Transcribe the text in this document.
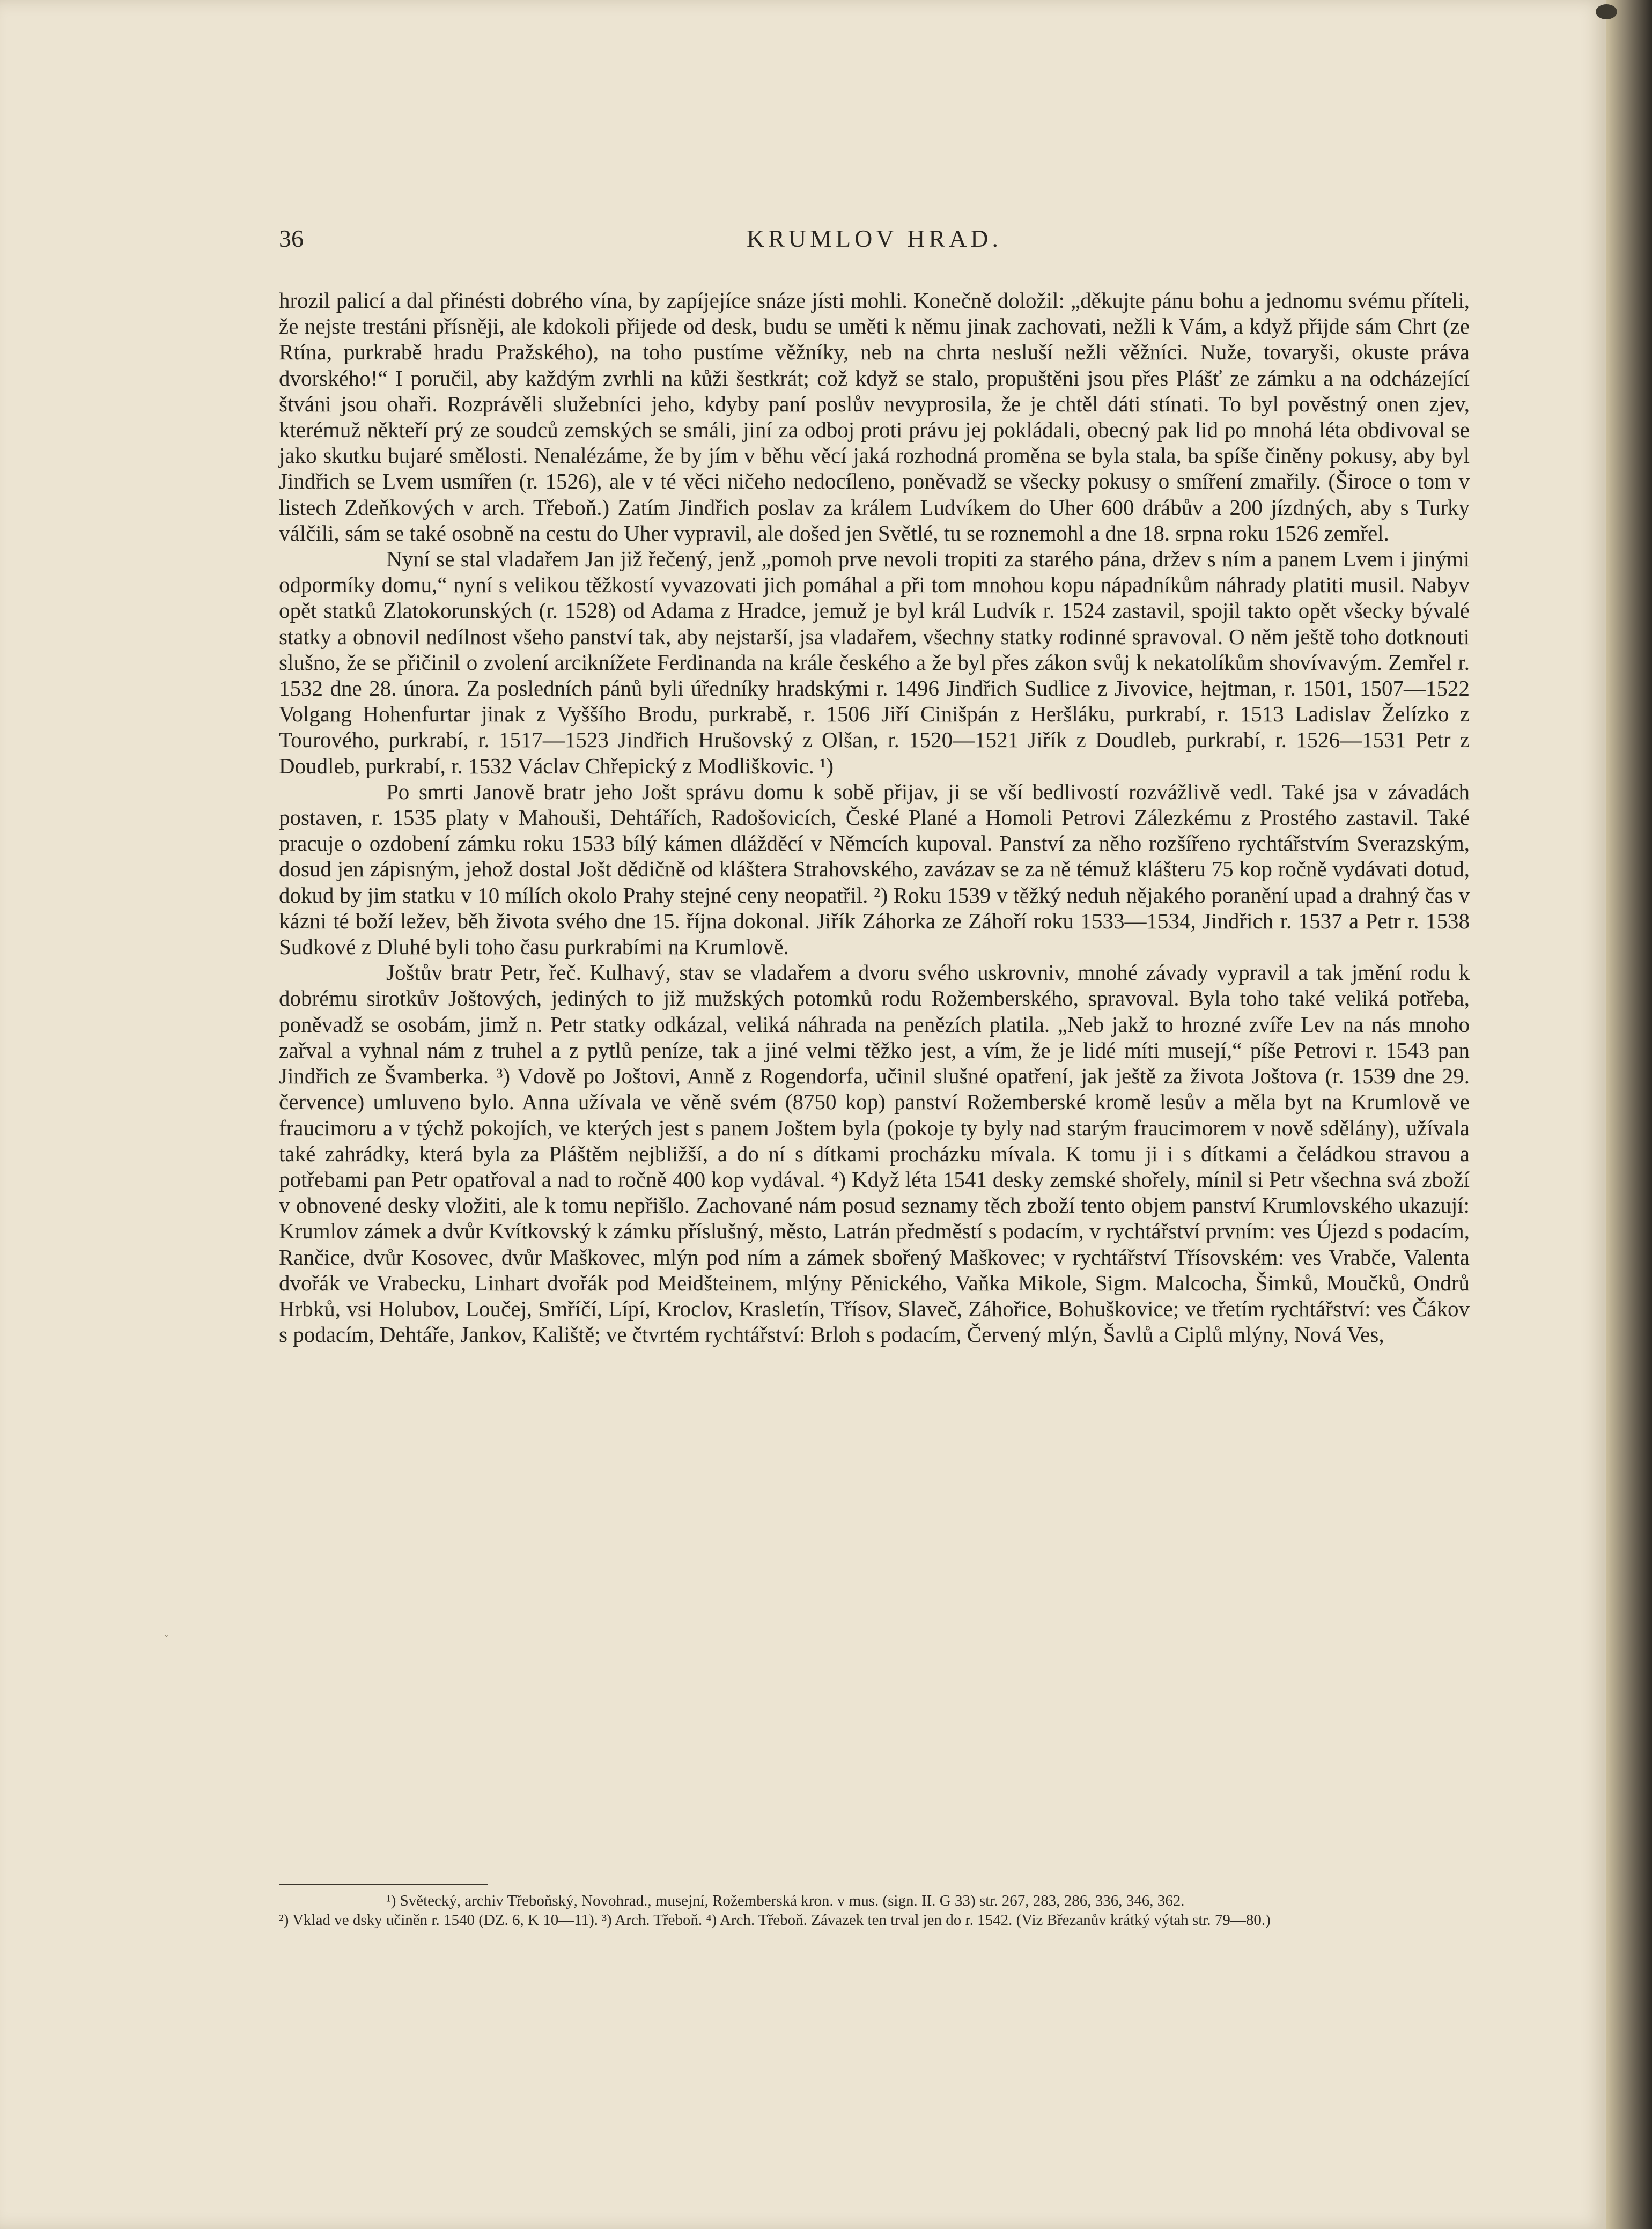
36	KRUMLOV HRAD.

hrozil palicí a dal přinésti dobrého vína, by zapíjejíce snáze jísti mohli. Konečně doložil: „děkujte pánu bohu a jednomu svému příteli, že nejste trestáni přísněji, ale kdokoli přijede od desk, budu se uměti k němu jinak zachovati, nežli k Vám, a když přijde sám Chrt (ze Rtína, purkrabě hradu Pražského), na toho pustíme věžníky, neb na chrta nesluší nežli věžníci. Nuže, tovaryši, okuste práva dvorského!“ I poručil, aby každým zvrhli na kůži šestkrát; což když se stalo, propuštěni jsou přes Plášť ze zámku a na odcházející štváni jsou ohaři. Rozprávěli služebníci jeho, kdyby paní poslův nevyprosila, že je chtěl dáti stínati. To byl pověstný onen zjev, kterémuž někteří prý ze soudců zemských se smáli, jiní za odboj proti právu jej pokládali, obecný pak lid po mnohá léta obdivoval se jako skutku bujaré smělosti. Nenalézáme, že by jím v běhu věcí jaká rozhodná proměna se byla stala, ba spíše činěny pokusy, aby byl Jindřich se Lvem usmířen (r. 1526), ale v té věci ničeho nedocíleno, poněvadž se všecky pokusy o smíření zmařily. (Široce o tom v listech Zdeňkových v arch. Třeboň.) Zatím Jindřich poslav za králem Ludvíkem do Uher 600 drábův a 200 jízdných, aby s Turky válčili, sám se také osobně na cestu do Uher vypravil, ale došed jen Světlé, tu se roznemohl a dne 18. srpna roku 1526 zemřel.

Nyní se stal vladařem Jan již řečený, jenž „pomoh prve nevoli tropiti za starého pána, držev s ním a panem Lvem i jinými odpormíky domu,“ nyní s velikou těžkostí vyvazovati jich pomáhal a při tom mnohou kopu nápadníkům náhrady platiti musil. Nabyv opět statků Zlatokorunských (r. 1528) od Adama z Hradce, jemuž je byl král Ludvík r. 1524 zastavil, spojil takto opět všecky bývalé statky a obnovil nedílnost všeho panství tak, aby nejstarší, jsa vladařem, všechny statky rodinné spravoval. O něm ještě toho dotknouti slušno, že se přičinil o zvolení arciknížete Ferdinanda na krále českého a že byl přes zákon svůj k nekatolíkům shovívavým. Zemřel r. 1532 dne 28. února. Za posledních pánů byli úředníky hradskými r. 1496 Jindřich Sudlice z Jivovice, hejtman, r. 1501, 1507—1522 Volgang Hohenfurtar jinak z Vyššího Brodu, purkrabě, r. 1506 Jiří Cinišpán z Heršláku, purkrabí, r. 1513 Ladislav Želízko z Tourového, purkrabí, r. 1517—1523 Jindřich Hrušovský z Olšan, r. 1520—1521 Jiřík z Doudleb, purkrabí, r. 1526—1531 Petr z Doudleb, purkrabí, r. 1532 Václav Chřepický z Modliškovic. ¹)

Po smrti Janově bratr jeho Jošt správu domu k sobě přijav, ji se vší bedlivostí rozvážlivě vedl. Také jsa v závadách postaven, r. 1535 platy v Mahouši, Dehtářích, Radošovicích, České Plané a Homoli Petrovi Zálezkému z Prostého zastavil. Také pracuje o ozdobení zámku roku 1533 bílý kámen dlážděcí v Němcích kupoval. Panství za něho rozšířeno rychtářstvím Sverazským, dosud jen zápisným, jehož dostal Jošt dědičně od kláštera Strahovského, zavázav se za ně témuž klášteru 75 kop ročně vydávati dotud, dokud by jim statku v 10 mílích okolo Prahy stejné ceny neopatřil. ²) Roku 1539 v těžký neduh nějakého poranění upad a drahný čas v kázni té boží ležev, běh života svého dne 15. října dokonal. Jiřík Záhorka ze Záhoří roku 1533—1534, Jindřich r. 1537 a Petr r. 1538 Sudkové z Dluhé byli toho času purkrabími na Krumlově.

Joštův bratr Petr, řeč. Kulhavý, stav se vladařem a dvoru svého uskrovniv, mnohé závady vypravil a tak jmění rodu k dobrému sirotkův Joštových, jediných to již mužských potomků rodu Rožemberského, spravoval. Byla toho také veliká potřeba, poněvadž se osobám, jimž n. Petr statky odkázal, veliká náhrada na penězích platila. „Neb jakž to hrozné zvíře Lev na nás mnoho zařval a vyhnal nám z truhel a z pytlů peníze, tak a jiné velmi těžko jest, a vím, že je lidé míti musejí,“ píše Petrovi r. 1543 pan Jindřich ze Švamberka. ³) Vdově po Joštovi, Anně z Rogendorfa, učinil slušné opatření, jak ještě za života Joštova (r. 1539 dne 29. července) umluveno bylo. Anna užívala ve věně svém (8750 kop) panství Rožemberské kromě lesův a měla byt na Krumlově ve fraucimoru a v týchž pokojích, ve kterých jest s panem Joštem byla (pokoje ty byly nad starým fraucimorem v nově sdělány), užívala také zahrádky, která byla za Pláštěm nejbližší, a do ní s dítkami procházku mívala. K tomu ji i s dítkami a čeládkou stravou a potřebami pan Petr opatřoval a nad to ročně 400 kop vydával. ⁴) Když léta 1541 desky zemské shořely, mínil si Petr všechna svá zboží v obnovené desky vložiti, ale k tomu nepřišlo. Zachované nám posud seznamy těch zboží tento objem panství Krumlovského ukazují: Krumlov zámek a dvůr Kvítkovský k zámku příslušný, město, Latrán předměstí s podacím, v rychtářství prvním: ves Újezd s podacím, Rančice, dvůr Kosovec, dvůr Maškovec, mlýn pod ním a zámek sbořený Maškovec; v rychtářství Třísovském: ves Vrabče, Valenta dvořák ve Vrabecku, Linhart dvořák pod Meidšteinem, mlýny Pěnického, Vaňka Mikole, Sigm. Malcocha, Šimků, Moučků, Ondrů Hrbků, vsi Holubov, Loučej, Smříčí, Lípí, Kroclov, Krasletín, Třísov, Slaveč, Záhořice, Bohuškovice; ve třetím rychtářství: ves Čákov s podacím, Dehtáře, Jankov, Kaliště; ve čtvrtém rychtářství: Brloh s podacím, Červený mlýn, Šavlů a Ciplů mlýny, Nová Ves,

˯

¹) Světecký, archiv Třeboňský, Novohrad., musejní, Rožemberská kron. v mus. (sign. II. G 33) str. 267, 283, 286, 336, 346, 362.

²) Vklad ve dsky učiněn r. 1540 (DZ. 6, K 10—11). ³) Arch. Třeboň. ⁴) Arch. Třeboň. Závazek ten trval jen do r. 1542. (Viz Březanův krátký výtah str. 79—80.)
